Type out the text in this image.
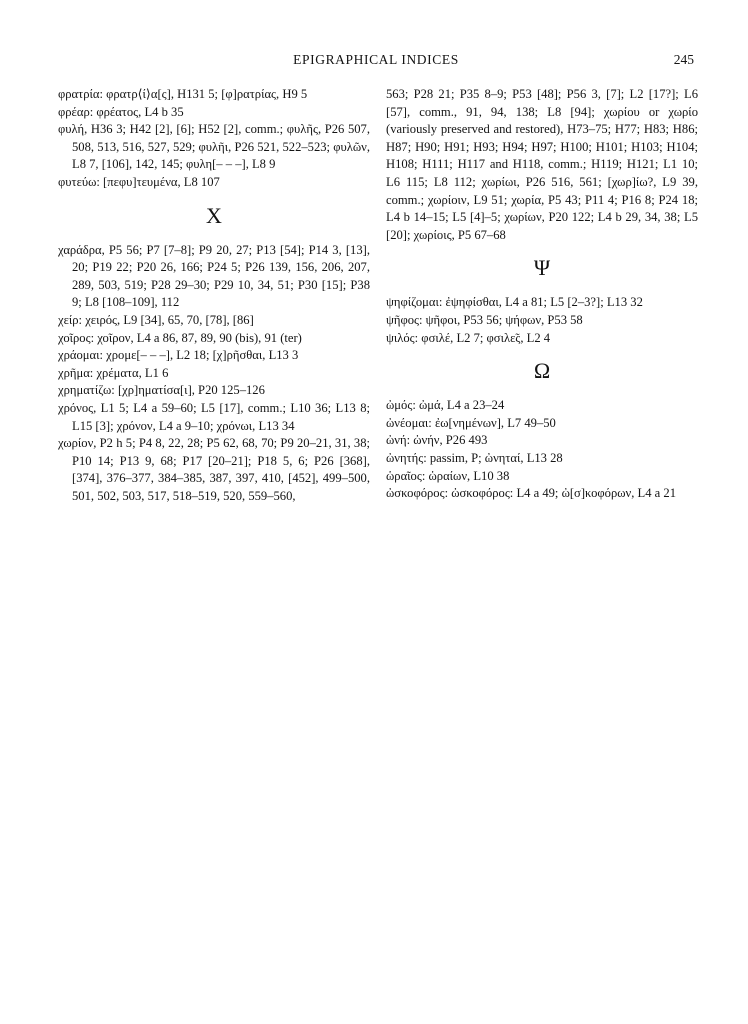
EPIGRAPHICAL INDICES	245

φρατρία: φρατρ⟨ί⟩α[ς], H131 5; [φ]ρατρίας, H9 5

φρέαρ: φρέατος, L4 b 35

φυλή, H36 3; H42 [2], [6]; H52 [2], comm.; φυλῆς, P26 507, 508, 513, 516, 527, 529; φυλῆι, P26 521, 522–523; φυλῶν, L8 7, [106], 142, 145; φυλη[– – –], L8 9

φυτεύω: [πεφυ]τευμένα, L8 107

X

χαράδρα, P5 56; P7 [7–8]; P9 20, 27; P13 [54]; P14 3, [13], 20; P19 22; P20 26, 166; P24 5; P26 139, 156, 206, 207, 289, 503, 519; P28 29–30; P29 10, 34, 51; P30 [15]; P38 9; L8 [108–109], 112

χείρ: χειρός, L9 [34], 65, 70, [78], [86]

χοῖρος: χοῖρον, L4 a 86, 87, 89, 90 (bis), 91 (ter)

χράομαι: χρομε[– – –], L2 18; [χ]ρῆσθαι, L13 3

χρῆμα: χρέματα, L1 6

χρηματίζω: [χρ]ηματίσα[ι], P20 125–126

χρόνος, L1 5; L4 a 59–60; L5 [17], comm.; L10 36; L13 8; L15 [3]; χρόνον, L4 a 9–10; χρόνωι, L13 34

χωρίον, P2 h 5; P4 8, 22, 28; P5 62, 68, 70; P9 20–21, 31, 38; P10 14; P13 9, 68; P17 [20–21]; P18 5, 6; P26 [368], [374], 376–377, 384–385, 387, 397, 410, [452], 499–500, 501, 502, 503, 517, 518–519, 520, 559–560,

563; P28 21; P35 8–9; P53 [48]; P56 3, [7]; L2 [17?]; L6 [57], comm., 91, 94, 138; L8 [94]; χωρίου or χωρίο (variously preserved and restored), H73–75; H77; H83; H86; H87; H90; H91; H93; H94; H97; H100; H101; H103; H104; H108; H111; H117 and H118, comm.; H119; H121; L1 10; L6 115; L8 112; χωρίωι, P26 516, 561; [χωρ]ίω?, L9 39, comm.; χωρίοιν, L9 51; χωρία, P5 43; P11 4; P16 8; P24 18; L4 b 14–15; L5 [4]–5; χωρίων, P20 122; L4 b 29, 34, 38; L5 [20]; χωρίοις, P5 67–68

Ψ

ψηφίζομαι: ἐψηφίσθαι, L4 a 81; L5 [2–3?]; L13 32

ψῆφος: ψῆφοι, P53 56; ψήφων, P53 58

ψιλός: φσιλέ, L2 7; φσιλε̃ς, L2 4

Ω

ὠμός: ὠμά, L4 a 23–24

ὠνέομαι: ἐω[νημένων], L7 49–50

ὠνή: ὠνήν, P26 493

ὠνητής: passim, P; ὠνηταί, L13 28

ὡραῖος: ὡραίων, L10 38

ὠσκοφόρος: ὠσκοφόρος: L4 a 49; ὠ[σ]κοφόρων, L4 a 21
